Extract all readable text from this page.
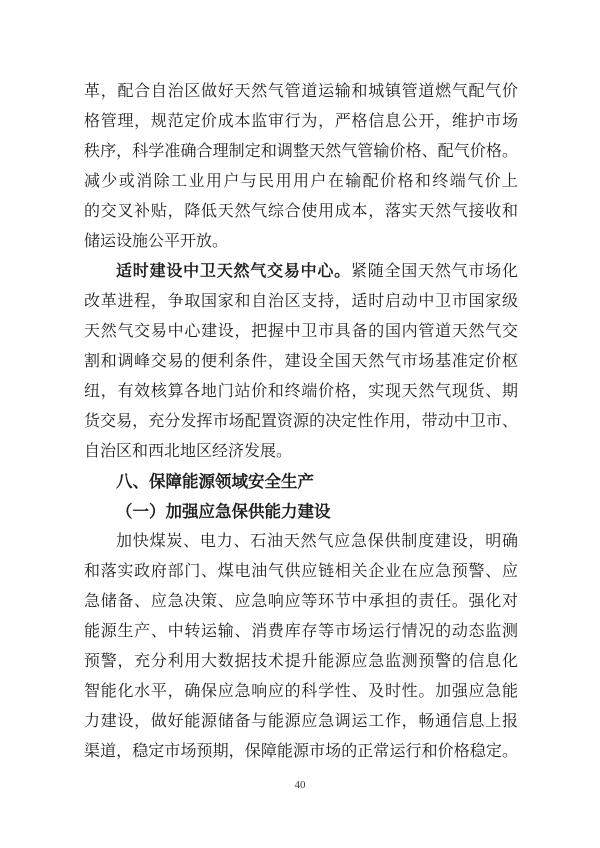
革，配合自治区做好天然气管道运输和城镇管道燃气配气价
格管理，规范定价成本监审行为，严格信息公开，维护市场
秩序，科学准确合理制定和调整天然气管输价格、配气价格。
减少或消除工业用户与民用用户在输配价格和终端气价上
的交叉补贴，降低天然气综合使用成本，落实天然气接收和
储运设施公平开放。
适时建设中卫天然气交易中心。紧随全国天然气市场化
改革进程，争取国家和自治区支持，适时启动中卫市国家级
天然气交易中心建设，把握中卫市具备的国内管道天然气交
割和调峰交易的便利条件，建设全国天然气市场基准定价枢
纽，有效核算各地门站价和终端价格，实现天然气现货、期
货交易，充分发挥市场配置资源的决定性作用，带动中卫市、
自治区和西北地区经济发展。
八、保障能源领域安全生产
（一）加强应急保供能力建设
加快煤炭、电力、石油天然气应急保供制度建设，明确
和落实政府部门、煤电油气供应链相关企业在应急预警、应
急储备、应急决策、应急响应等环节中承担的责任。强化对
能源生产、中转运输、消费库存等市场运行情况的动态监测
预警，充分利用大数据技术提升能源应急监测预警的信息化
智能化水平，确保应急响应的科学性、及时性。加强应急能
力建设，做好能源储备与能源应急调运工作，畅通信息上报
渠道，稳定市场预期，保障能源市场的正常运行和价格稳定。
40
